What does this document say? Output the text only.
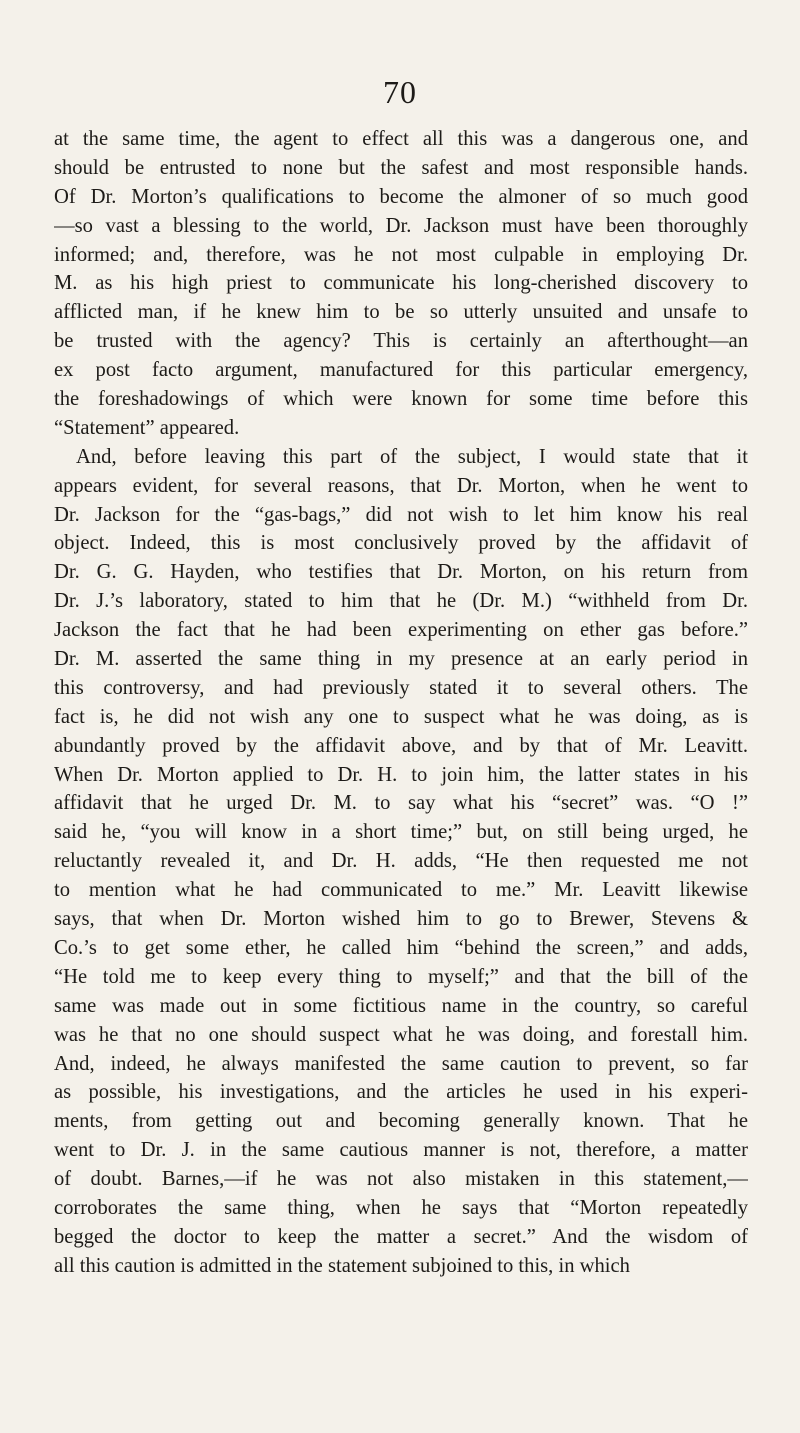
70
at the same time, the agent to effect all this was a dangerous one, and
should be entrusted to none but the safest and most responsible hands.
Of Dr. Morton’s qualifications to become the almoner of so much good
—so vast a blessing to the world, Dr. Jackson must have been thoroughly
informed; and, therefore, was he not most culpable in employing Dr.
M. as his high priest to communicate his long-cherished discovery to
afflicted man, if he knew him to be so utterly unsuited and unsafe to
be trusted with the agency? This is certainly an afterthought—an
ex post facto argument, manufactured for this particular emergency,
the foreshadowings of which were known for some time before this
“Statement” appeared.
And, before leaving this part of the subject, I would state that it
appears evident, for several reasons, that Dr. Morton, when he went to
Dr. Jackson for the “gas-bags,” did not wish to let him know his real
object. Indeed, this is most conclusively proved by the affidavit of
Dr. G. G. Hayden, who testifies that Dr. Morton, on his return from
Dr. J.’s laboratory, stated to him that he (Dr. M.) “withheld from Dr.
Jackson the fact that he had been experimenting on ether gas before.”
Dr. M. asserted the same thing in my presence at an early period in
this controversy, and had previously stated it to several others. The
fact is, he did not wish any one to suspect what he was doing, as is
abundantly proved by the affidavit above, and by that of Mr. Leavitt.
When Dr. Morton applied to Dr. H. to join him, the latter states in his
affidavit that he urged Dr. M. to say what his “secret” was. “O !”
said he, “you will know in a short time;” but, on still being urged, he
reluctantly revealed it, and Dr. H. adds, “He then requested me not
to mention what he had communicated to me.” Mr. Leavitt likewise
says, that when Dr. Morton wished him to go to Brewer, Stevens &
Co.’s to get some ether, he called him “behind the screen,” and adds,
“He told me to keep every thing to myself;” and that the bill of the
same was made out in some fictitious name in the country, so careful
was he that no one should suspect what he was doing, and forestall him.
And, indeed, he always manifested the same caution to prevent, so far
as possible, his investigations, and the articles he used in his experi-
ments, from getting out and becoming generally known. That he
went to Dr. J. in the same cautious manner is not, therefore, a matter
of doubt. Barnes,—if he was not also mistaken in this statement,—
corroborates the same thing, when he says that “Morton repeatedly
begged the doctor to keep the matter a secret.” And the wisdom of
all this caution is admitted in the statement subjoined to this, in which
